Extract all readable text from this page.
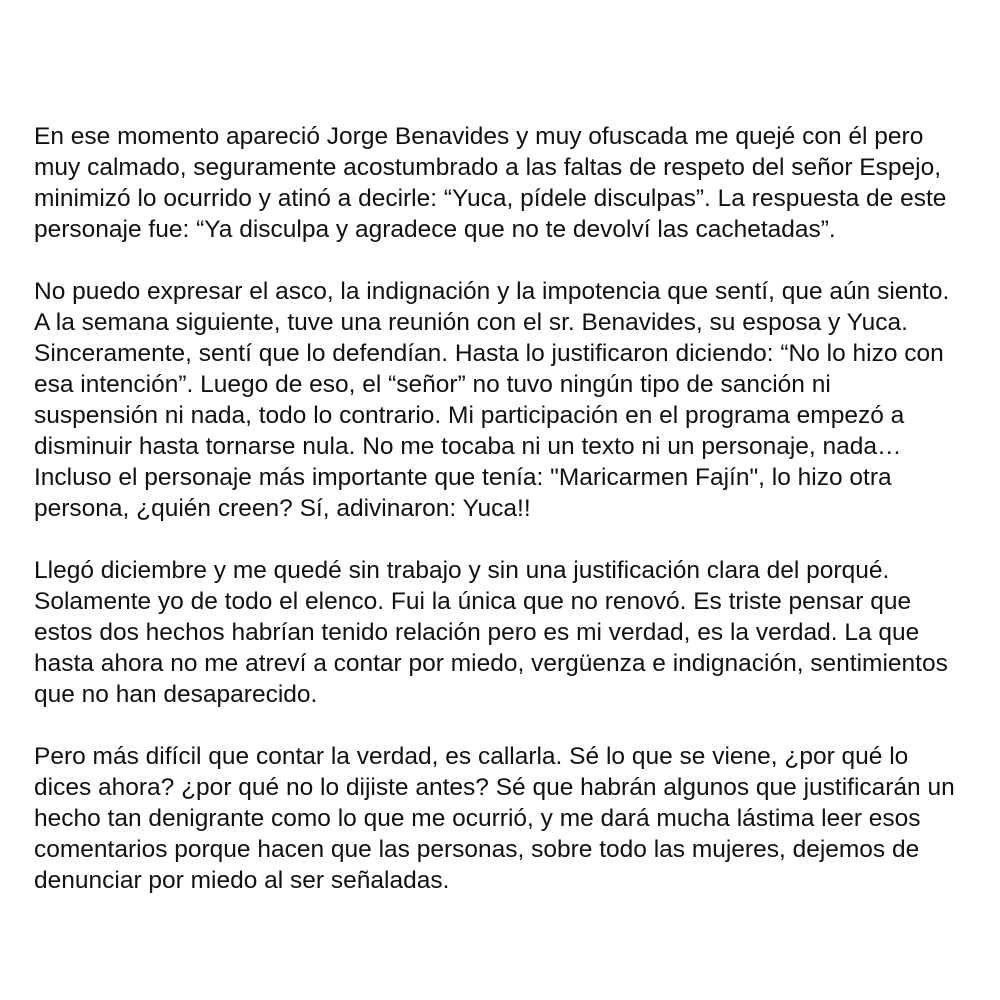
En ese momento apareció Jorge Benavides y muy ofuscada me quejé con él pero
muy calmado, seguramente acostumbrado a las faltas de respeto del señor Espejo,
minimizó lo ocurrido y atinó a decirle: “Yuca, pídele disculpas”. La respuesta de este
personaje fue: “Ya disculpa y agradece que no te devolví las cachetadas”.

No puedo expresar el asco, la indignación y la impotencia que sentí, que aún siento.
A la semana siguiente, tuve una reunión con el sr. Benavides, su esposa y Yuca.
Sinceramente, sentí que lo defendían. Hasta lo justificaron diciendo: “No lo hizo con
esa intención”. Luego de eso, el “señor” no tuvo ningún tipo de sanción ni
suspensión ni nada, todo lo contrario. Mi participación en el programa empezó a
disminuir hasta tornarse nula. No me tocaba ni un texto ni un personaje, nada…
Incluso el personaje más importante que tenía: "Maricarmen Fajín", lo hizo otra
persona, ¿quién creen? Sí, adivinaron: Yuca!!

Llegó diciembre y me quedé sin trabajo y sin una justificación clara del porqué.
Solamente yo de todo el elenco. Fui la única que no renovó. Es triste pensar que
estos dos hechos habrían tenido relación pero es mi verdad, es la verdad. La que
hasta ahora no me atreví a contar por miedo, vergüenza e indignación, sentimientos
que no han desaparecido.

Pero más difícil que contar la verdad, es callarla. Sé lo que se viene, ¿por qué lo
dices ahora? ¿por qué no lo dijiste antes? Sé que habrán algunos que justificarán un
hecho tan denigrante como lo que me ocurrió, y me dará mucha lástima leer esos
comentarios porque hacen que las personas, sobre todo las mujeres, dejemos de
denunciar por miedo al ser señaladas.
